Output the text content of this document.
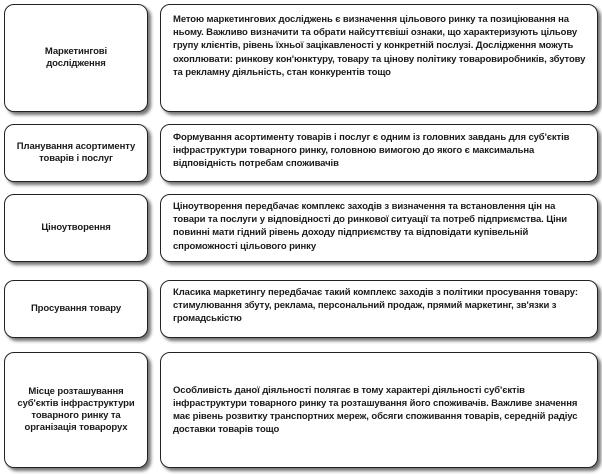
Маркетингові дослідження
Метою маркетингових досліджень є визначення цільового ринку та позиціювання на ньому. Важливо визначити та обрати найсуттєвіші ознаки, що характеризують цільову групу клієнтів, рівень їхньої зацікавленості у конкретній послузі. Дослідження можуть охоплювати: ринкову кон'юнктуру, товару та цінову політику товаровиробників, збутову та рекламну діяльність, стан конкурентів тощо
Планування асортименту товарів і послуг
Формування асортименту товарів і послуг є одним із головних завдань для суб'єктів інфраструктури товарного ринку, головною вимогою до якого є максимальна відповідність потребам споживачів
Ціноутворення
Ціноутворення передбачає комплекс заходів з визначення та встановлення цін на товари та послуги у відповідності до ринкової ситуації та потреб підприємства. Ціни повинні мати гідний рівень доходу підприємству та відповідати купівельній спроможності цільового ринку
Просування товару
Класика маркетингу передбачає такий комплекс заходів з політики просування товару: стимулювання збуту, реклама, персональний продаж, прямий маркетинг, зв'язки з громадськістю
Місце розташування суб'єктів інфраструктури товарного ринку та організація товарорух
Особливість даної діяльності полягає в тому характері діяльності суб'єктів інфраструктури товарного ринку та розташування його споживачів. Важливе значення має рівень розвитку транспортних мереж, обсяги споживання товарів, середній радіус доставки товарів тощо
